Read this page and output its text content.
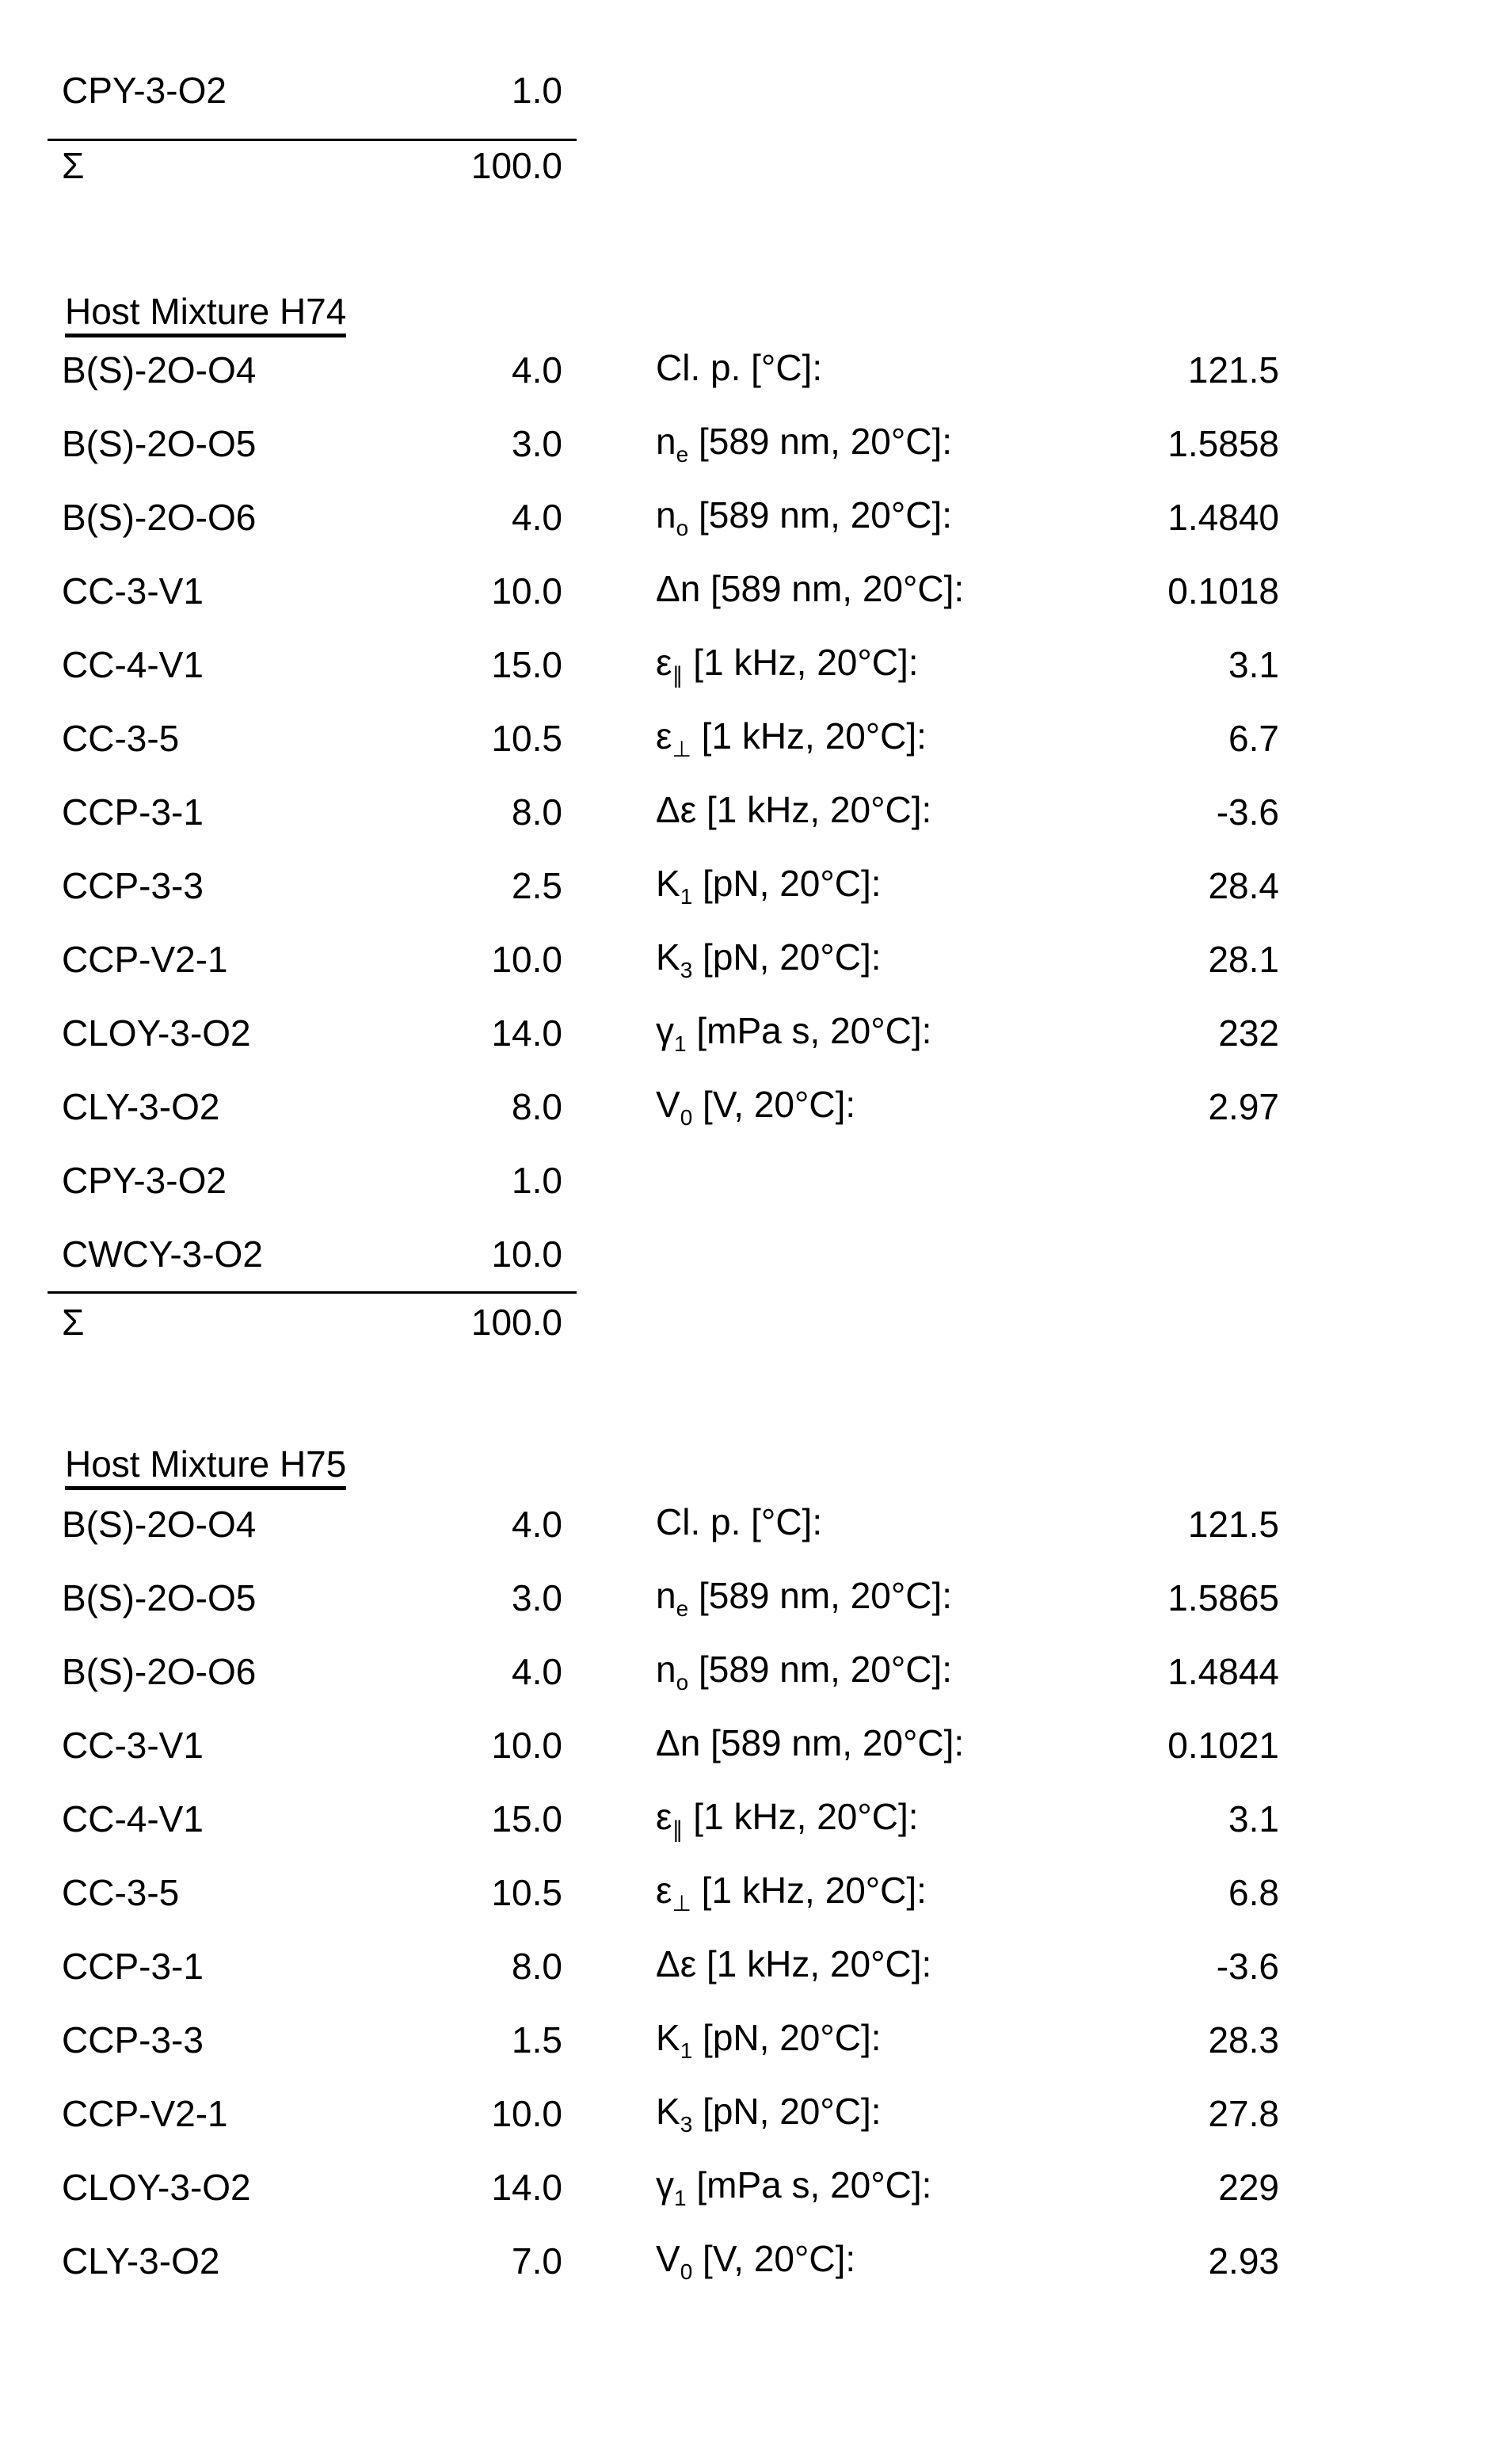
CPY-3-O2	1.0
Σ	100.0
Host Mixture H74
B(S)-2O-O4	4.0	Cl. p. [°C]:	121.5
B(S)-2O-O5	3.0	$n_e$ [589 nm, 20°C]:	1.5858
B(S)-2O-O6	4.0	$n_o$ [589 nm, 20°C]:	1.4840
CC-3-V1	10.0	Δn [589 nm, 20°C]:	0.1018
CC-4-V1	15.0	$\varepsilon_\parallel$ [1 kHz, 20°C]:	3.1
CC-3-5	10.5	$\varepsilon_\perp$ [1 kHz, 20°C]:	6.7
CCP-3-1	8.0	Δε [1 kHz, 20°C]:	-3.6
CCP-3-3	2.5	$K_1$ [pN, 20°C]:	28.4
CCP-V2-1	10.0	$K_3$ [pN, 20°C]:	28.1
CLOY-3-O2	14.0	$\gamma_1$ [mPa s, 20°C]:	232
CLY-3-O2	8.0	$V_0$ [V, 20°C]:	2.97
CPY-3-O2	1.0
CWCY-3-O2	10.0
Σ	100.0
Host Mixture H75
B(S)-2O-O4	4.0	Cl. p. [°C]:	121.5
B(S)-2O-O5	3.0	$n_e$ [589 nm, 20°C]:	1.5865
B(S)-2O-O6	4.0	$n_o$ [589 nm, 20°C]:	1.4844
CC-3-V1	10.0	Δn [589 nm, 20°C]:	0.1021
CC-4-V1	15.0	$\varepsilon_\parallel$ [1 kHz, 20°C]:	3.1
CC-3-5	10.5	$\varepsilon_\perp$ [1 kHz, 20°C]:	6.8
CCP-3-1	8.0	Δε [1 kHz, 20°C]:	-3.6
CCP-3-3	1.5	$K_1$ [pN, 20°C]:	28.3
CCP-V2-1	10.0	$K_3$ [pN, 20°C]:	27.8
CLOY-3-O2	14.0	$\gamma_1$ [mPa s, 20°C]:	229
CLY-3-O2	7.0	$V_0$ [V, 20°C]:	2.93
